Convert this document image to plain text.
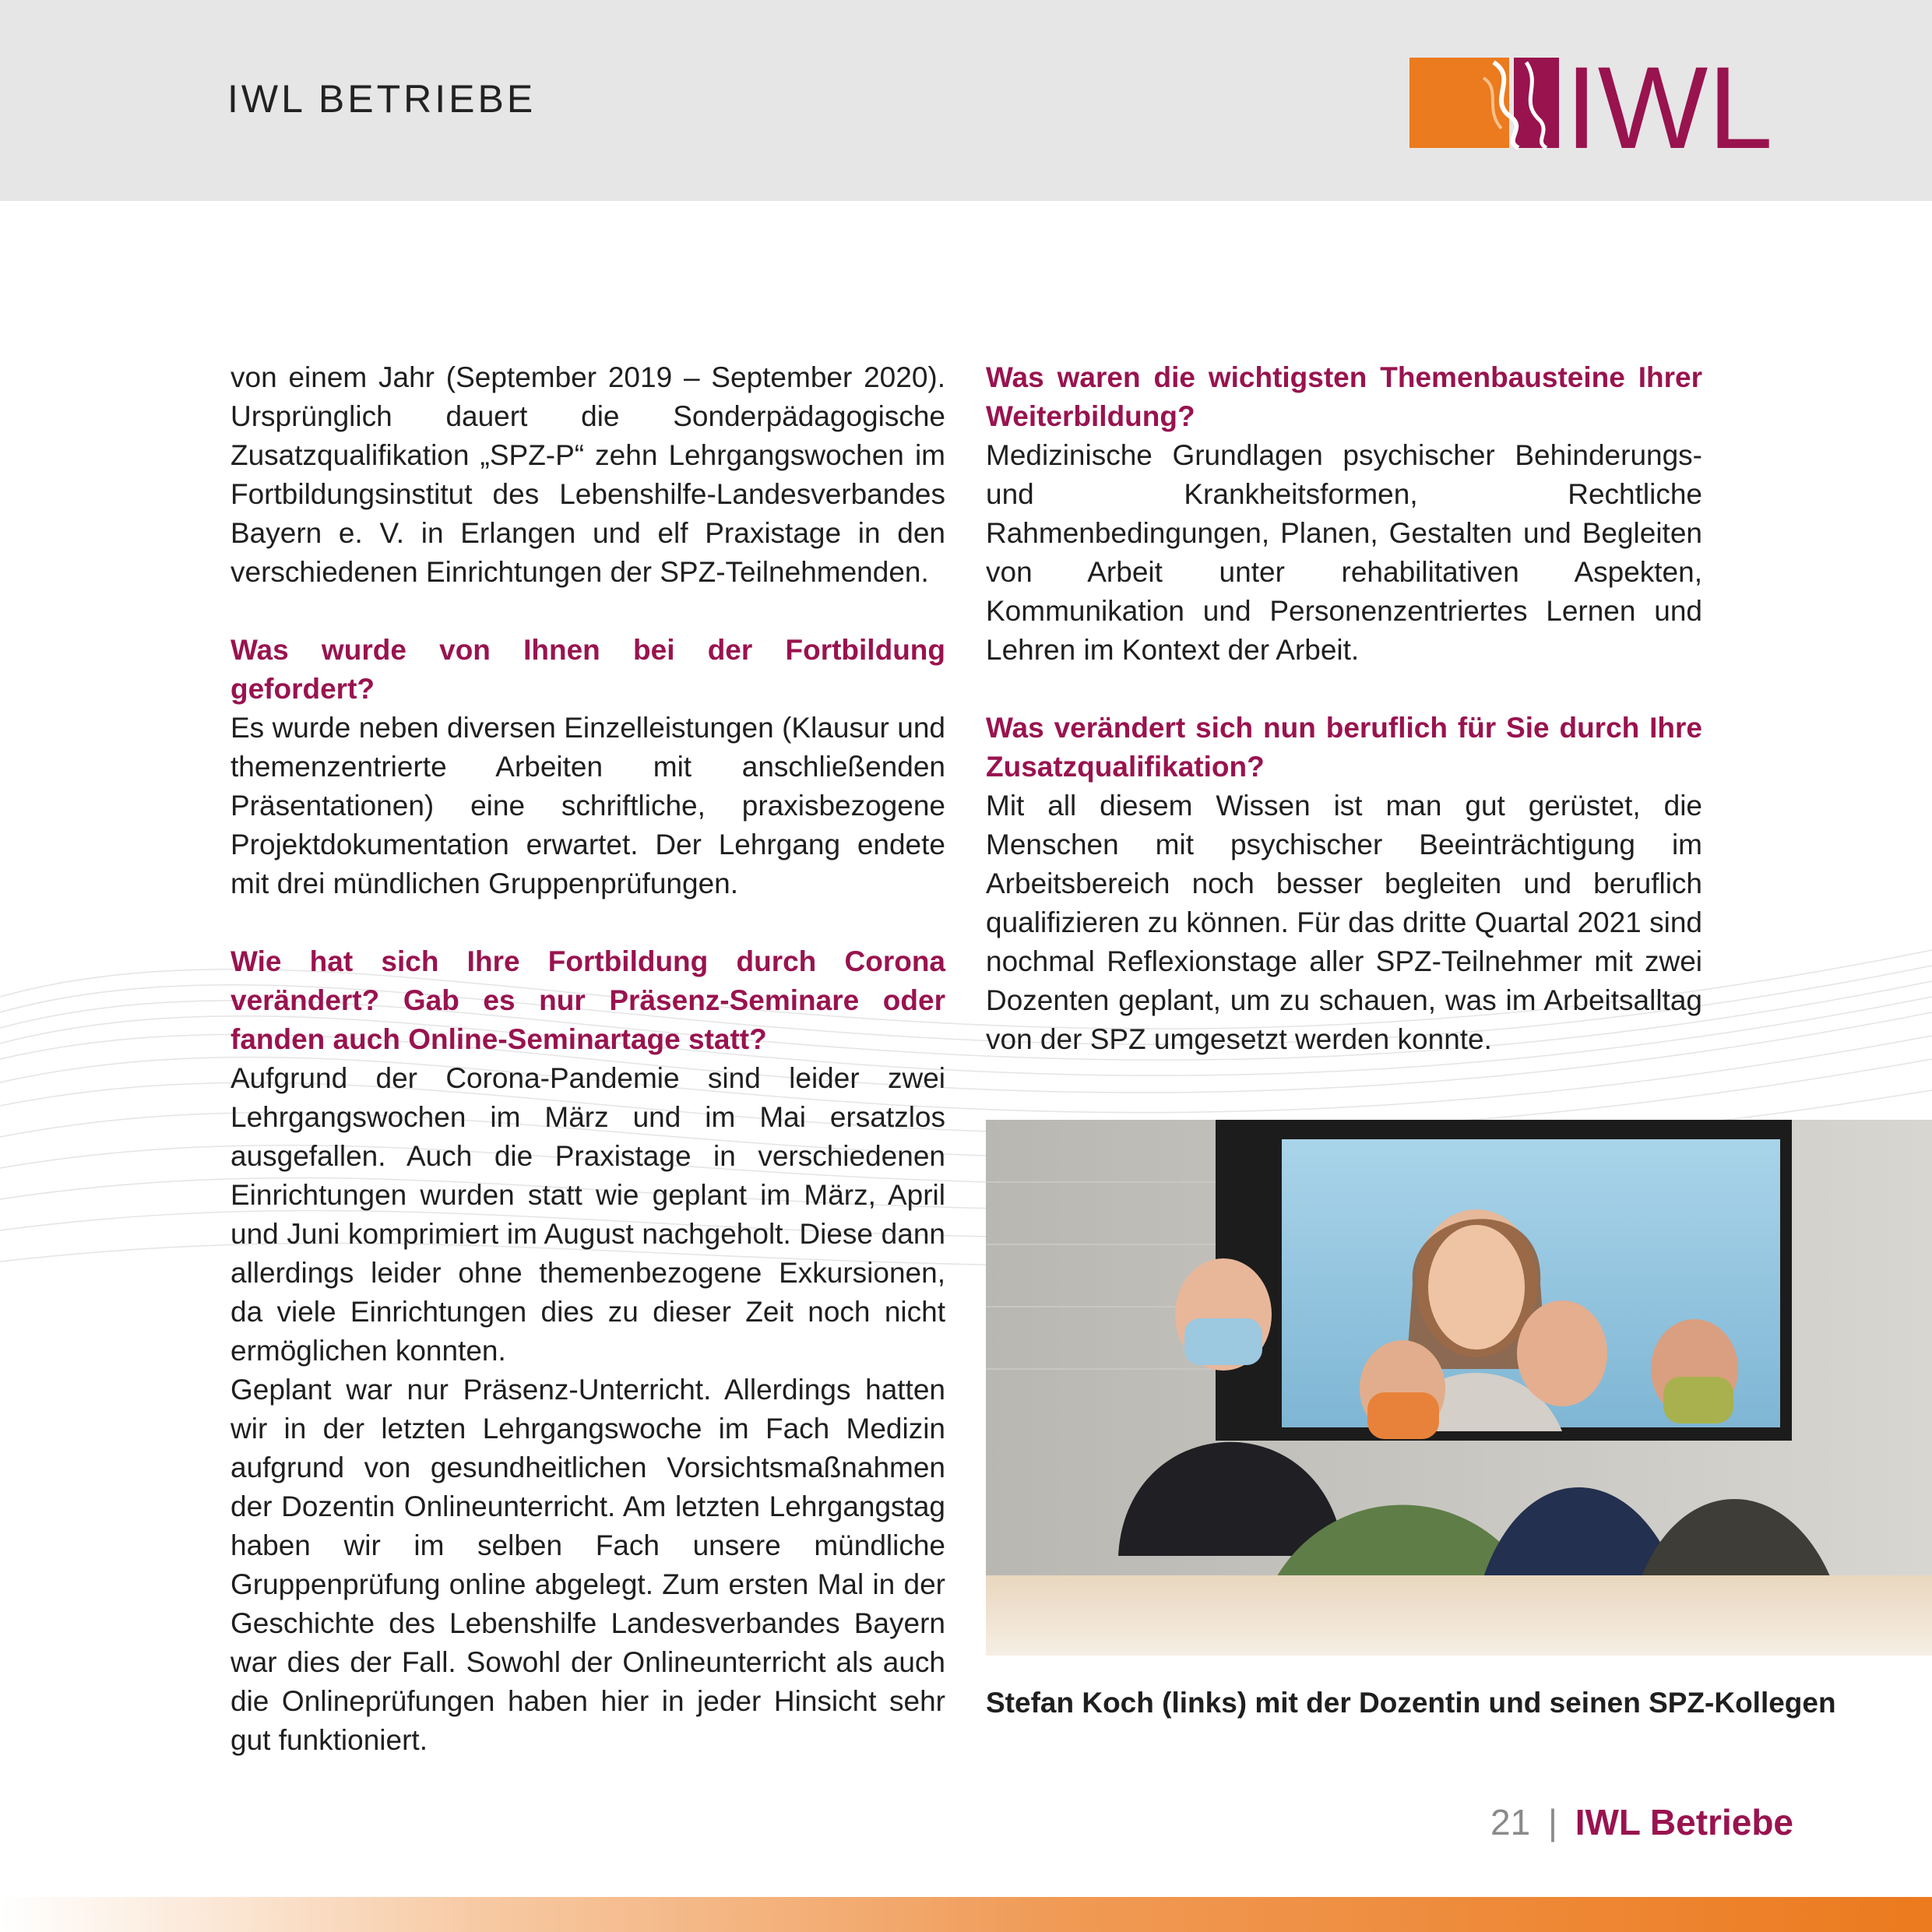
IWL BETRIEBE	IWL

von einem Jahr (September 2019 – September 2020). Ursprünglich dauert die Sonderpädagogische Zusatzqualifikation „SPZ-P“ zehn Lehrgangswochen im Fortbildungsinstitut des Lebenshilfe-Landesverbandes Bayern e. V. in Erlangen und elf Praxistage in den verschiedenen Einrichtungen der SPZ-Teilnehmenden.

Was wurde von Ihnen bei der Fortbildung gefordert?

Es wurde neben diversen Einzelleistungen (Klausur und themenzentrierte Arbeiten mit anschließenden Präsentationen) eine schriftliche, praxisbezogene Projektdokumentation erwartet. Der Lehrgang endete mit drei mündlichen Gruppenprüfungen.

Wie hat sich Ihre Fortbildung durch Corona verändert? Gab es nur Präsenz-Seminare oder fanden auch Online-Seminartage statt?

Aufgrund der Corona-Pandemie sind leider zwei Lehrgangswochen im März und im Mai ersatzlos ausgefallen. Auch die Praxistage in verschiedenen Einrichtungen wurden statt wie geplant im März, April und Juni komprimiert im August nachgeholt. Diese dann allerdings leider ohne themenbezogene Exkursionen, da viele Einrichtungen dies zu dieser Zeit noch nicht ermöglichen konnten.

Geplant war nur Präsenz-Unterricht. Allerdings hatten wir in der letzten Lehrgangswoche im Fach Medizin aufgrund von gesundheitlichen Vorsichtsmaßnahmen der Dozentin Onlineunterricht. Am letzten Lehrgangstag haben wir im selben Fach unsere mündliche Gruppenprüfung online abgelegt. Zum ersten Mal in der Geschichte des Lebenshilfe Landesverbandes Bayern war dies der Fall. Sowohl der Onlineunterricht als auch die Onlineprüfungen haben hier in jeder Hinsicht sehr gut funktioniert.

Was waren die wichtigsten Themenbausteine Ihrer Weiterbildung?

Medizinische Grundlagen psychischer Behinderungs- und Krankheitsformen, Rechtliche Rahmenbedingungen, Planen, Gestalten und Begleiten von Arbeit unter rehabilitativen Aspekten, Kommunikation und Personenzentriertes Lernen und Lehren im Kontext der Arbeit.

Was verändert sich nun beruflich für Sie durch Ihre Zusatzqualifikation?

Mit all diesem Wissen ist man gut gerüstet, die Menschen mit psychischer Beeinträchtigung im Arbeitsbereich noch besser begleiten und beruflich qualifizieren zu können. Für das dritte Quartal 2021 sind nochmal Reflexionstage aller SPZ-Teilnehmer mit zwei Dozenten geplant, um zu schauen, was im Arbeitsalltag von der SPZ umgesetzt werden konnte.

Stefan Koch (links) mit der Dozentin und seinen SPZ-Kollegen
21 | IWL Betriebe
